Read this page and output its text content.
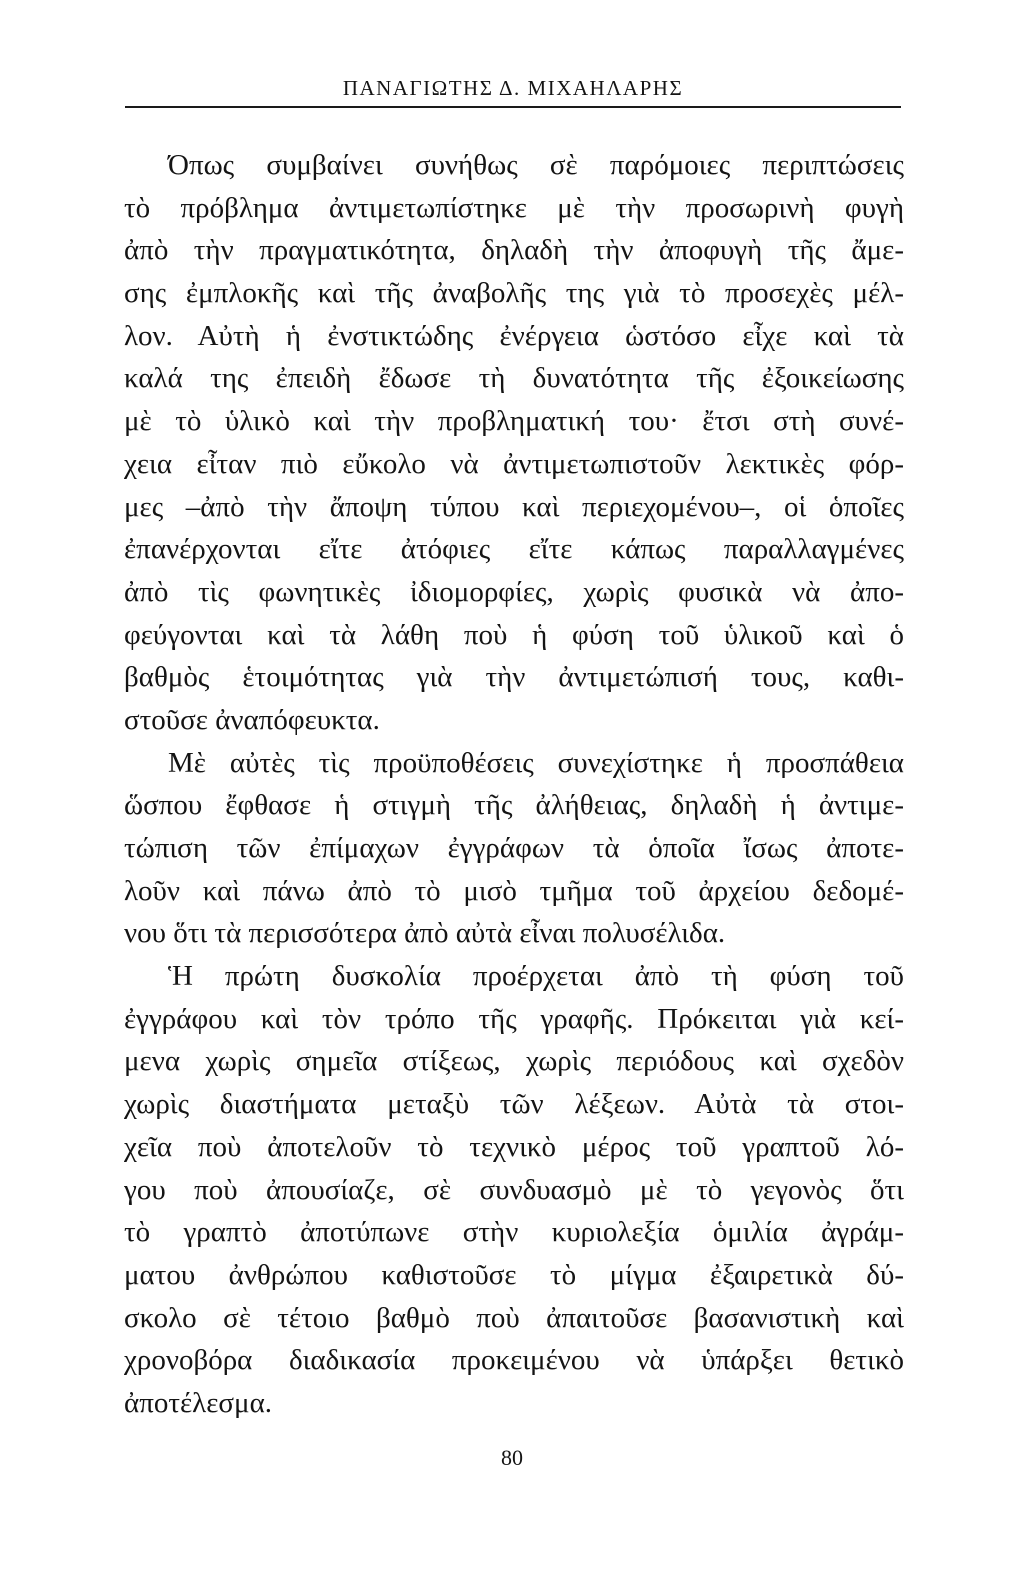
ΠΑΝΑΓΙΩΤΗΣ Δ. ΜΙΧΑΗΛΑΡΗΣ
Όπως συμβαίνει συνήθως σὲ παρόμοιες περιπτώσεις
τὸ πρόβλημα ἀντιμετωπίστηκε μὲ τὴν προσωρινὴ φυγὴ
ἀπὸ τὴν πραγματικότητα, δηλαδὴ τὴν ἀποφυγὴ τῆς ἄμε-
σης ἐμπλοκῆς καὶ τῆς ἀναβολῆς της γιὰ τὸ προσεχὲς μέλ-
λον. Αὐτὴ ἡ ἐνστικτώδης ἐνέργεια ὡστόσο εἶχε καὶ τὰ
καλά της ἐπειδὴ ἔδωσε τὴ δυνατότητα τῆς ἐξοικείωσης
μὲ τὸ ὑλικὸ καὶ τὴν προβληματική του· ἔτσι στὴ συνέ-
χεια εἶταν πιὸ εὔκολο νὰ ἀντιμετωπιστοῦν λεκτικὲς φόρ-
μες –ἀπὸ τὴν ἄποψη τύπου καὶ περιεχομένου–, οἱ ὁποῖες
ἐπανέρχονται εἴτε ἀτόφιες εἴτε κάπως παραλλαγμένες
ἀπὸ τὶς φωνητικὲς ἰδιομορφίες, χωρὶς φυσικὰ νὰ ἀπο-
φεύγονται καὶ τὰ λάθη ποὺ ἡ φύση τοῦ ὑλικοῦ καὶ ὁ
βαθμὸς ἑτοιμότητας γιὰ τὴν ἀντιμετώπισή τους, καθι-
στοῦσε ἀναπόφευκτα.
Μὲ αὐτὲς τὶς προϋποθέσεις συνεχίστηκε ἡ προσπάθεια
ὥσπου ἔφθασε ἡ στιγμὴ τῆς ἀλήθειας, δηλαδὴ ἡ ἀντιμε-
τώπιση τῶν ἐπίμαχων ἐγγράφων τὰ ὁποῖα ἴσως ἀποτε-
λοῦν καὶ πάνω ἀπὸ τὸ μισὸ τμῆμα τοῦ ἀρχείου δεδομέ-
νου ὅτι τὰ περισσότερα ἀπὸ αὐτὰ εἶναι πολυσέλιδα.
Ἡ πρώτη δυσκολία προέρχεται ἀπὸ τὴ φύση τοῦ
ἐγγράφου καὶ τὸν τρόπο τῆς γραφῆς. Πρόκειται γιὰ κεί-
μενα χωρὶς σημεῖα στίξεως, χωρὶς περιόδους καὶ σχεδὸν
χωρὶς διαστήματα μεταξὺ τῶν λέξεων. Αὐτὰ τὰ στοι-
χεῖα ποὺ ἀποτελοῦν τὸ τεχνικὸ μέρος τοῦ γραπτοῦ λό-
γου ποὺ ἀπουσίαζε, σὲ συνδυασμὸ μὲ τὸ γεγονὸς ὅτι
τὸ γραπτὸ ἀποτύπωνε στὴν κυριολεξία ὁμιλία ἀγράμ-
ματου ἀνθρώπου καθιστοῦσε τὸ μίγμα ἐξαιρετικὰ δύ-
σκολο σὲ τέτοιο βαθμὸ ποὺ ἀπαιτοῦσε βασανιστικὴ καὶ
χρονοβόρα διαδικασία προκειμένου νὰ ὑπάρξει θετικὸ
ἀποτέλεσμα.
80
